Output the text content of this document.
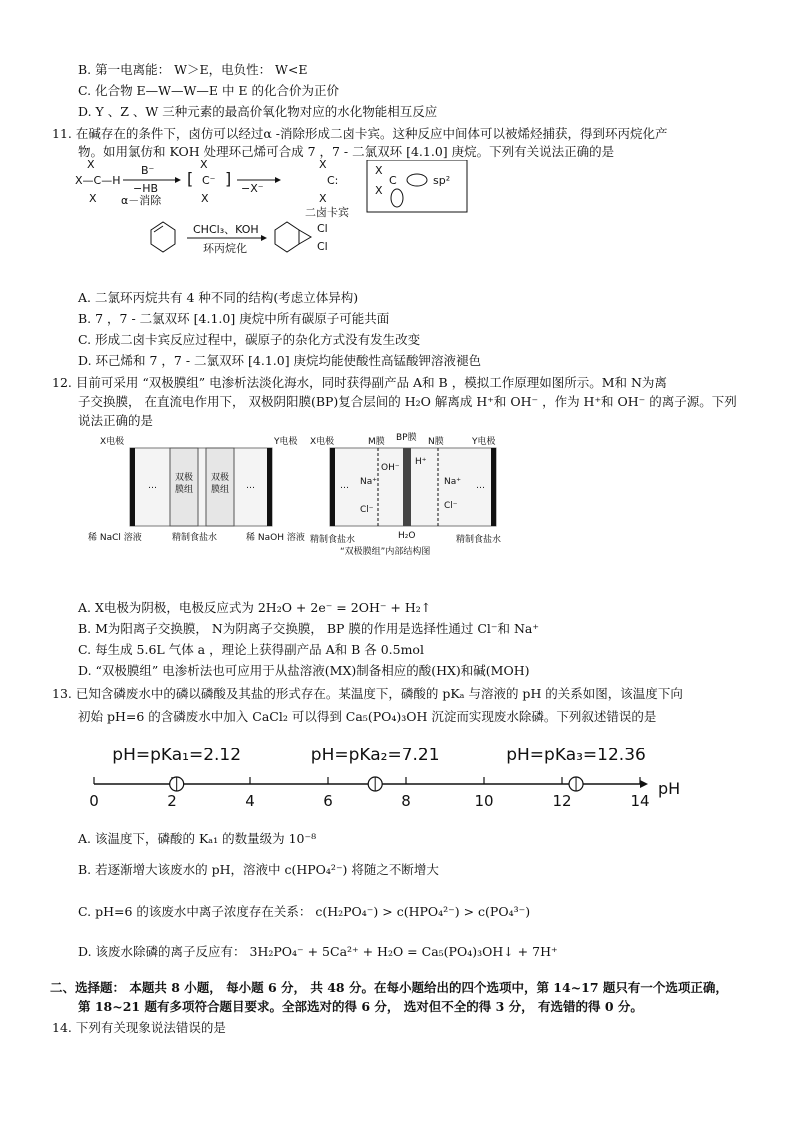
B. 第一电离能： W＞E，电负性： W<E
C. 化合物 E—W—W—E 中 E 的化合价为正价
D. Y 、Z 、W 三种元素的最高价氧化物对应的水化物能相互反应
11. 在碱存在的条件下，卤仿可以经过α -消除形成二卤卡宾。这种反应中间体可以被烯烃捕获，得到环丙烷化产
物。如用氯仿和 KOH 处理环己烯可合成 7 ，7 - 二氯双环 [4.1.0] 庚烷。下列有关说法正确的是
X
X—C—H
X
B⁻
−HB
α－消除
[
X
C⁻
X
]
−X⁻
X
C:
X
二卤卡宾
X
X
C	sp²
CHCl₃、KOH
环丙烷化
Cl
Cl
A. 二氯环丙烷共有 4 种不同的结构(考虑立体异构)
B. 7 ，7 - 二氯双环 [4.1.0] 庚烷中所有碳原子可能共面
C. 形成二卤卡宾反应过程中，碳原子的杂化方式没有发生改变
D. 环己烯和 7 ，7 - 二氯双环 [4.1.0] 庚烷均能使酸性高锰酸钾溶液褪色
12. 目前可采用 “双极膜组” 电渗析法淡化海水，同时获得副产品 A和 B ，模拟工作原理如图所示。M和 N为离
子交换膜， 在直流电作用下， 双极阴阳膜(BP)复合层间的 H₂O 解离成 H⁺和 OH⁻ ，作为 H⁺和 OH⁻ 的离子源。下列
说法正确的是
X电极	Y电极
双极
膜组
双极
膜组
…	…
稀 NaCl 溶液	精制食盐水	稀 NaOH 溶液
X电极	M膜 BP膜 N膜	Y电极
OH⁻
H⁺
Na⁺	Na⁺
Cl⁻	Cl⁻
…	…
H₂O
精制食盐水	精制食盐水
“双极膜组”内部结构图
A. X电极为阴极，电极反应式为 2H₂O + 2e⁻ = 2OH⁻ + H₂↑
B. M为阳离子交换膜， N为阴离子交换膜， BP 膜的作用是选择性通过 Cl⁻和 Na⁺
C. 每生成 5.6L 气体 a ，理论上获得副产品 A和 B 各 0.5mol
D. “双极膜组” 电渗析法也可应用于从盐溶液(MX)制备相应的酸(HX)和碱(MOH)
13. 已知含磷废水中的磷以磷酸及其盐的形式存在。某温度下，磷酸的 pKₐ 与溶液的 pH 的关系如图，该温度下向
初始 pH=6 的含磷废水中加入 CaCl₂ 可以得到 Ca₅(PO₄)₃OH 沉淀而实现废水除磷。下列叙述错误的是
0	2	4	6	8	10	12	14
pH
pH=pKa₁=2.12	pH=pKa₂=7.21	pH=pKa₃=12.36
A. 该温度下，磷酸的 Kₐ₁ 的数量级为 10⁻⁸
B. 若逐渐增大该废水的 pH，溶液中 c(HPO₄²⁻) 将随之不断增大
C. pH=6 的该废水中离子浓度存在关系： c(H₂PO₄⁻) > c(HPO₄²⁻) > c(PO₄³⁻)
D. 该废水除磷的离子反应有： 3H₂PO₄⁻ + 5Ca²⁺ + H₂O = Ca₅(PO₄)₃OH↓ + 7H⁺
二、选择题： 本题共 8 小题， 每小题 6 分， 共 48 分。在每小题给出的四个选项中，第 14~17 题只有一个选项正确，
第 18~21 题有多项符合题目要求。全部选对的得 6 分， 选对但不全的得 3 分， 有选错的得 0 分。
14. 下列有关现象说法错误的是
